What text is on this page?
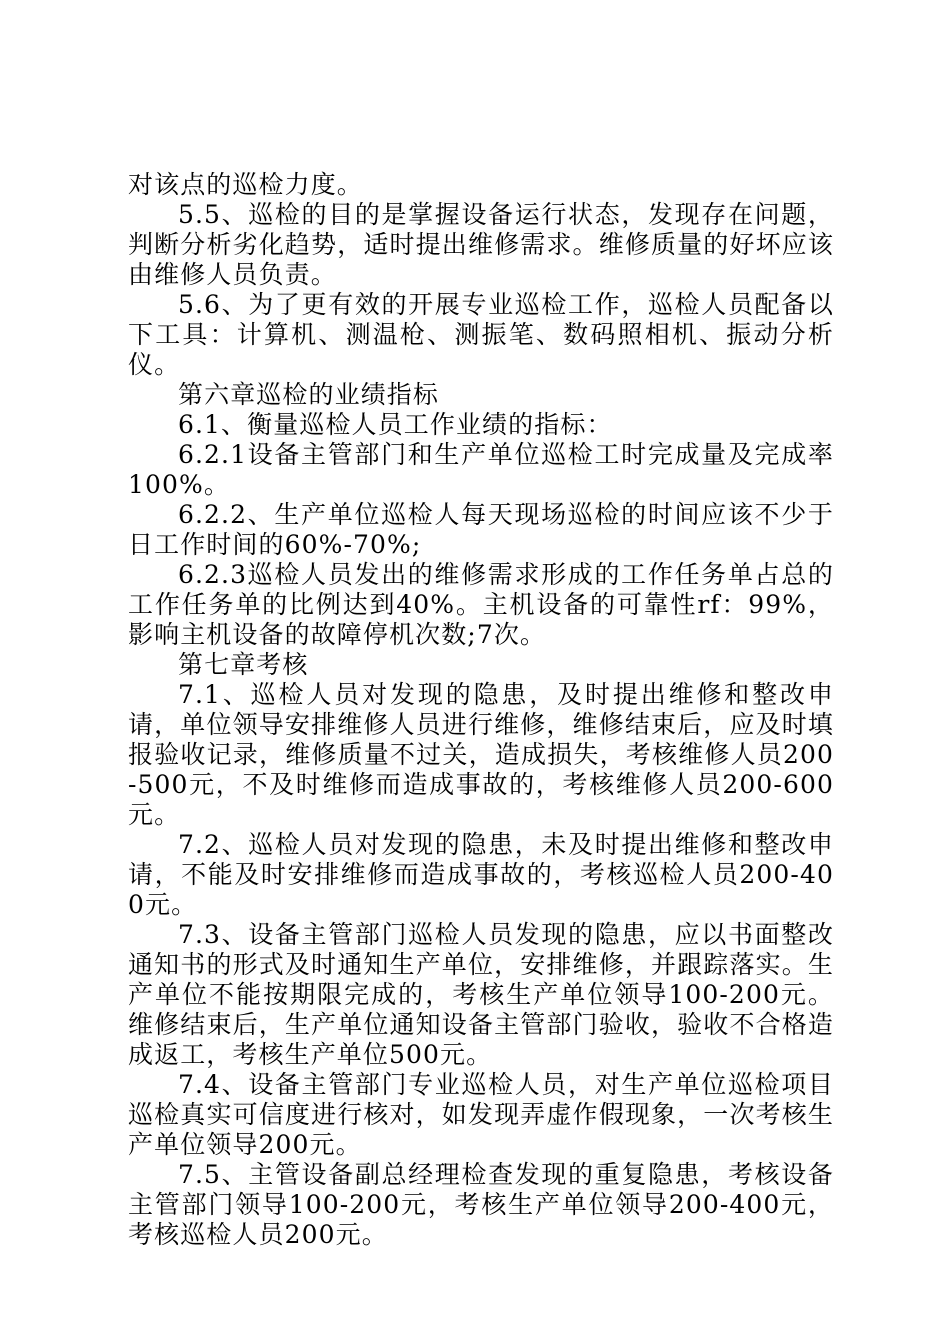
对该点的巡检力度。

5.5、巡检的目的是掌握设备运行状态，发现存在问题，判断分析劣化趋势，适时提出维修需求。维修质量的好坏应该由维修人员负责。

5.6、为了更有效的开展专业巡检工作，巡检人员配备以下工具：计算机、测温枪、测振笔、数码照相机、振动分析仪。

第六章巡检的业绩指标

6.1、衡量巡检人员工作业绩的指标：

6.2.1设备主管部门和生产单位巡检工时完成量及完成率100%。

6.2.2、生产单位巡检人每天现场巡检的时间应该不少于日工作时间的60%-70%;

6.2.3巡检人员发出的维修需求形成的工作任务单占总的工作任务单的比例达到40%。主机设备的可靠性rf：99%，影响主机设备的故障停机次数;7次。

第七章考核

7.1、巡检人员对发现的隐患，及时提出维修和整改申请，单位领导安排维修人员进行维修，维修结束后，应及时填报验收记录，维修质量不过关，造成损失，考核维修人员200-500元，不及时维修而造成事故的，考核维修人员200-600元。

7.2、巡检人员对发现的隐患，未及时提出维修和整改申请，不能及时安排维修而造成事故的，考核巡检人员200-400元。

7.3、设备主管部门巡检人员发现的隐患，应以书面整改通知书的形式及时通知生产单位，安排维修，并跟踪落实。生产单位不能按期限完成的，考核生产单位领导100-200元。维修结束后，生产单位通知设备主管部门验收，验收不合格造成返工，考核生产单位500元。

7.4、设备主管部门专业巡检人员，对生产单位巡检项目巡检真实可信度进行核对，如发现弄虚作假现象，一次考核生产单位领导200元。

7.5、主管设备副总经理检查发现的重复隐患，考核设备主管部门领导100-200元，考核生产单位领导200-400元，考核巡检人员200元。
